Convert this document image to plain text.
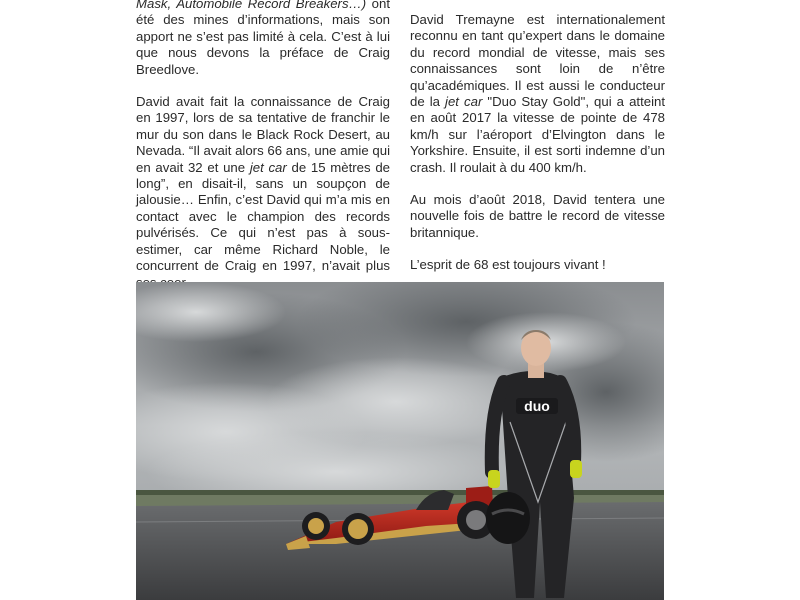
Mask, Automobile Record Breakers…) ont été des mines d’informations, mais son apport ne s’est pas limité à cela. C’est à lui que nous devons la préface de Craig Breedlove.

David avait fait la connaissance de Craig en 1997, lors de sa tentative de franchir le mur du son dans le Black Rock Desert, au Nevada. “Il avait alors 66 ans, une amie qui en avait 32 et une jet car de 15 mètres de long”, en disait-il, sans un soupçon de jalousie… Enfin, c’est David qui m’a mis en contact avec le champion des records pulvérisés. Ce qui n’est pas à sous-estimer, car même Richard Noble, le concurrent de Craig en 1997, n’avait plus

David Tremayne est internationalement reconnu en tant qu’expert dans le domaine du record mondial de vitesse, mais ses connaissances sont loin de n’être qu’académiques. Il est aussi le conducteur de la jet car "Duo Stay Gold", qui a atteint en août 2017 la vitesse de pointe de 478 km/h sur l’aéroport d’Elvington dans le Yorkshire. Ensuite, il est sorti indemne d’un crash. Il roulait à du 400 km/h.

Au mois d’août 2018, David tentera une nouvelle fois de battre le record de vitesse britannique.

L’esprit de 68 est toujours vivant !

duo
